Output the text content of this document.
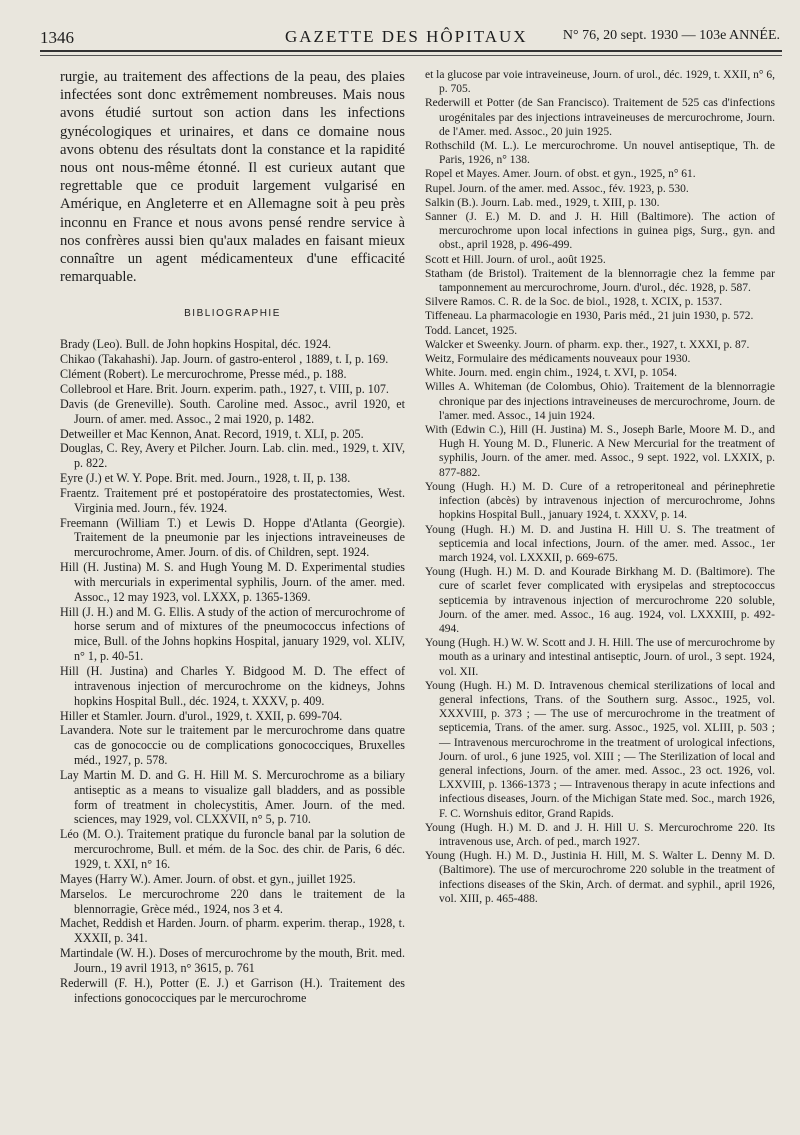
1346	GAZETTE DES HÔPITAUX	N° 76, 20 sept. 1930 — 103e ANNÉE.

rurgie, au traitement des affections de la peau, des plaies infectées sont donc extrêmement nombreuses. Mais nous avons étudié surtout son action dans les infections gynécologiques et urinaires, et dans ce domaine nous avons obtenu des résultats dont la constance et la rapidité nous ont nous-même étonné. Il est curieux autant que regrettable que ce produit largement vulgarisé en Amérique, en Angleterre et en Allemagne soit à peu près inconnu en France et nous avons pensé rendre service à nos confrères aussi bien qu'aux malades en faisant mieux connaître un agent médicamenteux d'une efficacité remarquable.

BIBLIOGRAPHIE
Brady (Leo). Bull. de John hopkins Hospital, déc. 1924.
Chikao (Takahashi). Jap. Journ. of gastro-enterol , 1889, t. I, p. 169.
Clément (Robert). Le mercurochrome, Presse méd., p. 188.
Collebrool et Hare. Brit. Journ. experim. path., 1927, t. VIII, p. 107.
Davis (de Greneville). South. Caroline med. Assoc., avril 1920, et Journ. of amer. med. Assoc., 2 mai 1920, p. 1482.
Detweiller et Mac Kennon, Anat. Record, 1919, t. XLI, p. 205.
Douglas, C. Rey, Avery et Pilcher. Journ. Lab. clin. med., 1929, t. XIV, p. 822.
Eyre (J.) et W. Y. Pope. Brit. med. Journ., 1928, t. II, p. 138.
Fraentz. Traitement pré et postopératoire des prostatectomies, West. Virginia med. Journ., fév. 1924.
Freemann (William T.) et Lewis D. Hoppe d'Atlanta (Georgie). Traitement de la pneumonie par les injections intraveineuses de mercurochrome, Amer. Journ. of dis. of Children, sept. 1924.
Hill (H. Justina) M. S. and Hugh Young M. D. Experimental studies with mercurials in experimental syphilis, Journ. of the amer. med. Assoc., 12 may 1923, vol. LXXX, p. 1365-1369.
Hill (J. H.) and M. G. Ellis. A study of the action of mercurochrome of horse serum and of mixtures of the pneumococcus infections of mice, Bull. of the Johns hopkins Hospital, january 1929, vol. XLIV, n° 1, p. 40-51.
Hill (H. Justina) and Charles Y. Bidgood M. D. The effect of intravenous injection of mercurochrome on the kidneys, Johns hopkins Hospital Bull., déc. 1924, t. XXXV, p. 409.
Hiller et Stamler. Journ. d'urol., 1929, t. XXII, p. 699-704.
Lavandera. Note sur le traitement par le mercurochrome dans quatre cas de gonococcie ou de complications gonococciques, Bruxelles méd., 1927, p. 578.
Lay Martin M. D. and G. H. Hill M. S. Mercurochrome as a biliary antiseptic as a means to visualize gall bladders, and as possible form of treatment in cholecystitis, Amer. Journ. of the med. sciences, may 1929, vol. CLXXVII, n° 5, p. 710.
Léo (M. O.). Traitement pratique du furoncle banal par la solution de mercurochrome, Bull. et mém. de la Soc. des chir. de Paris, 6 déc. 1929, t. XXI, n° 16.
Mayes (Harry W.). Amer. Journ. of obst. et gyn., juillet 1925.
Marselos. Le mercurochrome 220 dans le traitement de la blennorragie, Grèce méd., 1924, nos 3 et 4.
Machet, Reddish et Harden. Journ. of pharm. experim. therap., 1928, t. XXXII, p. 341.
Martindale (W. H.). Doses of mercurochrome by the mouth, Brit. med. Journ., 19 avril 1913, n° 3615, p. 761
Rederwill (F. H.), Potter (E. J.) et Garrison (H.). Traitement des infections gonococciques par le mercurochrome
et la glucose par voie intraveineuse, Journ. of urol., déc. 1929, t. XXII, n° 6, p. 705.
Rederwill et Potter (de San Francisco). Traitement de 525 cas d'infections urogénitales par des injections intraveineuses de mercurochrome, Journ. de l'Amer. med. Assoc., 20 juin 1925.
Rothschild (M. L.). Le mercurochrome. Un nouvel antiseptique, Th. de Paris, 1926, n° 138.
Ropel et Mayes. Amer. Journ. of obst. et gyn., 1925, n° 61.
Rupel. Journ. of the amer. med. Assoc., fév. 1923, p. 530.
Salkin (B.). Journ. Lab. med., 1929, t. XIII, p. 130.
Sanner (J. E.) M. D. and J. H. Hill (Baltimore). The action of mercurochrome upon local infections in guinea pigs, Surg., gyn. and obst., april 1928, p. 496-499.
Scott et Hill. Journ. of urol., août 1925.
Statham (de Bristol). Traitement de la blennorragie chez la femme par tamponnement au mercurochrome, Journ. d'urol., déc. 1928, p. 587.
Silvere Ramos. C. R. de la Soc. de biol., 1928, t. XCIX, p. 1537.
Tiffeneau. La pharmacologie en 1930, Paris méd., 21 juin 1930, p. 572.
Todd. Lancet, 1925.
Walcker et Sweenky. Journ. of pharm. exp. ther., 1927, t. XXXI, p. 87.
Weitz, Formulaire des médicaments nouveaux pour 1930.
White. Journ. med. engin chim., 1924, t. XVI, p. 1054.
Willes A. Whiteman (de Colombus, Ohio). Traitement de la blennorragie chronique par des injections intraveineuses de mercurochrome, Journ. de l'amer. med. Assoc., 14 juin 1924.
With (Edwin C.), Hill (H. Justina) M. S., Joseph Barle, Moore M. D., and Hugh H. Young M. D., Fluneric. A New Mercurial for the treatment of syphilis, Journ. of the amer. med. Assoc., 9 sept. 1922, vol. LXXIX, p. 877-882.
Young (Hugh. H.) M. D. Cure of a retroperitoneal and périnephretie infection (abcès) by intravenous injection of mercurochrome, Johns hopkins Hospital Bull., january 1924, t. XXXV, p. 14.
Young (Hugh. H.) M. D. and Justina H. Hill U. S. The treatment of septicemia and local infections, Journ. of the amer. med. Assoc., 1er march 1924, vol. LXXXII, p. 669-675.
Young (Hugh. H.) M. D. and Kourade Birkhang M. D. (Baltimore). The cure of scarlet fever complicated with erysipelas and streptococcus septicemia by intravenous injection of mercurochrome 220 soluble, Journ. of the amer. med. Assoc., 16 aug. 1924, vol. LXXXIII, p. 492-494.
Young (Hugh. H.) W. W. Scott and J. H. Hill. The use of mercurochrome by mouth as a urinary and intestinal antiseptic, Journ. of urol., 3 sept. 1924, vol. XII.
Young (Hugh. H.) M. D. Intravenous chemical sterilizations of local and general infections, Trans. of the Southern surg. Assoc., 1925, vol. XXXVIII, p. 373 ; — The use of mercurochrome in the treatment of septicemia, Trans. of the amer. surg. Assoc., 1925, vol. XLIII, p. 503 ; — Intravenous mercurochrome in the treatment of urological infections, Journ. of urol., 6 june 1925, vol. XIII ; — The Sterilization of local and general infections, Journ. of the amer. med. Assoc., 23 oct. 1926, vol. LXXVIII, p. 1366-1373 ; — Intravenous therapy in acute infections and infectious diseases, Journ. of the Michigan State med. Soc., march 1926, F. C. Wornshuis editor, Grand Rapids.
Young (Hugh. H.) M. D. and J. H. Hill U. S. Mercurochrome 220. Its intravenous use, Arch. of ped., march 1927.
Young (Hugh. H.) M. D., Justinia H. Hill, M. S. Walter L. Denny M. D. (Baltimore). The use of mercurochrome 220 soluble in the treatment of infections diseases of the Skin, Arch. of dermat. and syphil., april 1926, vol. XIII, p. 465-488.
